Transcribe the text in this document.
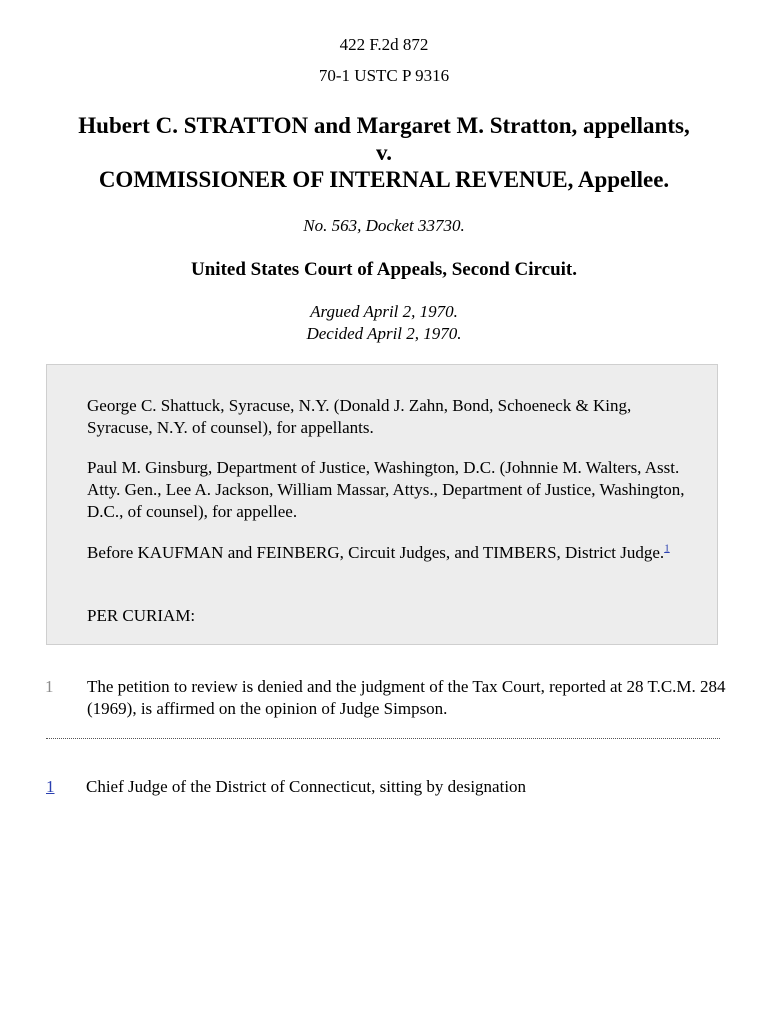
422 F.2d 872
70-1 USTC P 9316
Hubert C. STRATTON and Margaret M. Stratton, appellants,
v.
COMMISSIONER OF INTERNAL REVENUE, Appellee.
No. 563, Docket 33730.
United States Court of Appeals, Second Circuit.
Argued April 2, 1970.
Decided April 2, 1970.

George C. Shattuck, Syracuse, N.Y. (Donald J. Zahn, Bond, Schoeneck & King, Syracuse, N.Y. of counsel), for appellants.

Paul M. Ginsburg, Department of Justice, Washington, D.C. (Johnnie M. Walters, Asst. Atty. Gen., Lee A. Jackson, William Massar, Attys., Department of Justice, Washington, D.C., of counsel), for appellee.

Before KAUFMAN and FEINBERG, Circuit Judges, and TIMBERS, District Judge.$^1$

PER CURIAM:

1 The petition to review is denied and the judgment of the Tax Court, reported at 28 T.C.M. 284 (1969), is affirmed on the opinion of Judge Simpson.

1 Chief Judge of the District of Connecticut, sitting by designation
